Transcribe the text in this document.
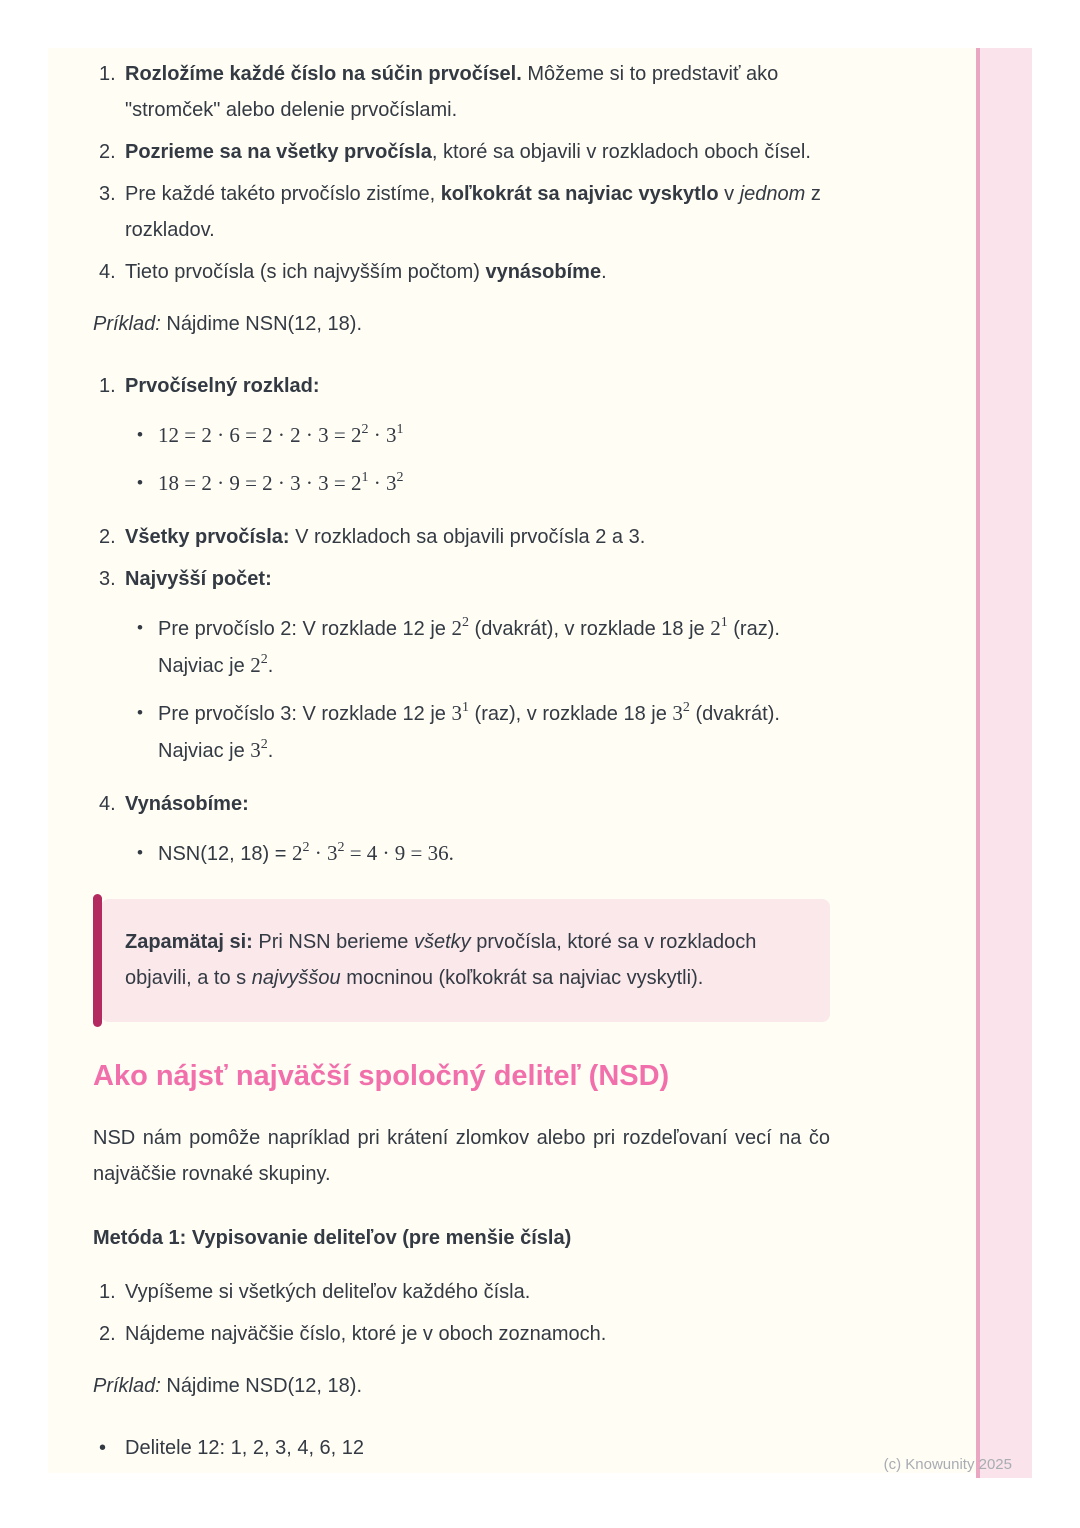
1. Rozložíme každé číslo na súčin prvočísel. Môžeme si to predstaviť ako "stromček" alebo delenie prvočíslami.
2. Pozrieme sa na všetky prvočísla, ktoré sa objavili v rozkladoch oboch čísel.
3. Pre každé takéto prvočíslo zistíme, koľkokrát sa najviac vyskytlo v jednom z rozkladov.
4. Tieto prvočísla (s ich najvyšším počtom) vynásobíme.
Príklad: Nájdime NSN(12, 18).
1. Prvočíselný rozklad:
• $12 = 2 \cdot 6 = 2 \cdot 2 \cdot 3 = 2^2 \cdot 3^1$
• $18 = 2 \cdot 9 = 2 \cdot 3 \cdot 3 = 2^1 \cdot 3^2$
2. Všetky prvočísla: V rozkladoch sa objavili prvočísla 2 a 3.
3. Najvyšší počet:
• Pre prvočíslo 2: V rozklade 12 je $2^2$ (dvakrát), v rozklade 18 je $2^1$ (raz). Najviac je $2^2$.
• Pre prvočíslo 3: V rozklade 12 je $3^1$ (raz), v rozklade 18 je $3^2$ (dvakrát). Najviac je $3^2$.
4. Vynásobíme:
• NSN(12, $18) = 2^2 \cdot 3^2 = 4 \cdot 9 = 36$.
Zapamätaj si: Pri NSN berieme všetky prvočísla, ktoré sa v rozkladoch objavili, a to s najvyššou mocninou (koľkokrát sa najviac vyskytli).
Ako nájsť najväčší spoločný deliteľ (NSD)
NSD nám pomôže napríklad pri krátení zlomkov alebo pri rozdeľovaní vecí na čo najväčšie rovnaké skupiny.
Metóda 1: Vypisovanie deliteľov (pre menšie čísla)
1. Vypíšeme si všetkých deliteľov každého čísla.
2. Nájdeme najväčšie číslo, ktoré je v oboch zoznamoch.
Príklad: Nájdime NSD(12, 18).
• Delitele 12: 1, 2, 3, 4, 6, 12
(c) Knowunity 2025
